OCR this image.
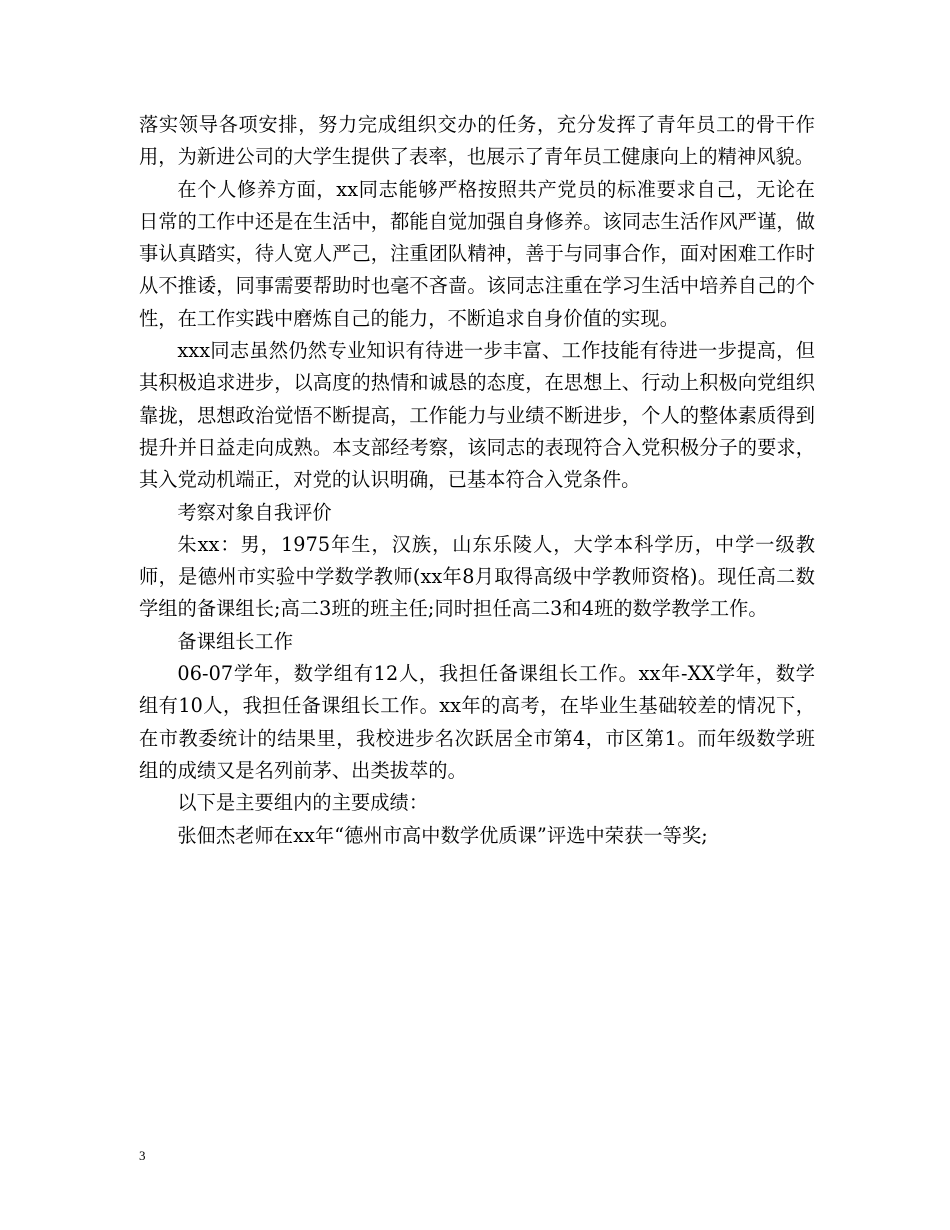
落实领导各项安排，努力完成组织交办的任务，充分发挥了青年员工的骨干作用，为新进公司的大学生提供了表率，也展示了青年员工健康向上的精神风貌。

在个人修养方面，xx同志能够严格按照共产党员的标准要求自己，无论在日常的工作中还是在生活中，都能自觉加强自身修养。该同志生活作风严谨，做事认真踏实，待人宽人严己，注重团队精神，善于与同事合作，面对困难工作时从不推诿，同事需要帮助时也毫不吝啬。该同志注重在学习生活中培养自己的个性，在工作实践中磨炼自己的能力，不断追求自身价值的实现。

xxx同志虽然仍然专业知识有待进一步丰富、工作技能有待进一步提高，但其积极追求进步，以高度的热情和诚恳的态度，在思想上、行动上积极向党组织靠拢，思想政治觉悟不断提高，工作能力与业绩不断进步，个人的整体素质得到提升并日益走向成熟。本支部经考察，该同志的表现符合入党积极分子的要求，其入党动机端正，对党的认识明确，已基本符合入党条件。

考察对象自我评价

朱xx：男，1975年生，汉族，山东乐陵人，大学本科学历，中学一级教师，是德州市实验中学数学教师(xx年8月取得高级中学教师资格)。现任高二数学组的备课组长;高二3班的班主任;同时担任高二3和4班的数学教学工作。

备课组长工作

06-07学年，数学组有12人，我担任备课组长工作。xx年-XX学年，数学组有10人，我担任备课组长工作。xx年的高考，在毕业生基础较差的情况下，在市教委统计的结果里，我校进步名次跃居全市第4，市区第1。而年级数学班组的成绩又是名列前茅、出类拔萃的。

以下是主要组内的主要成绩：

张佃杰老师在xx年“德州市高中数学优质课”评选中荣获一等奖;

3
